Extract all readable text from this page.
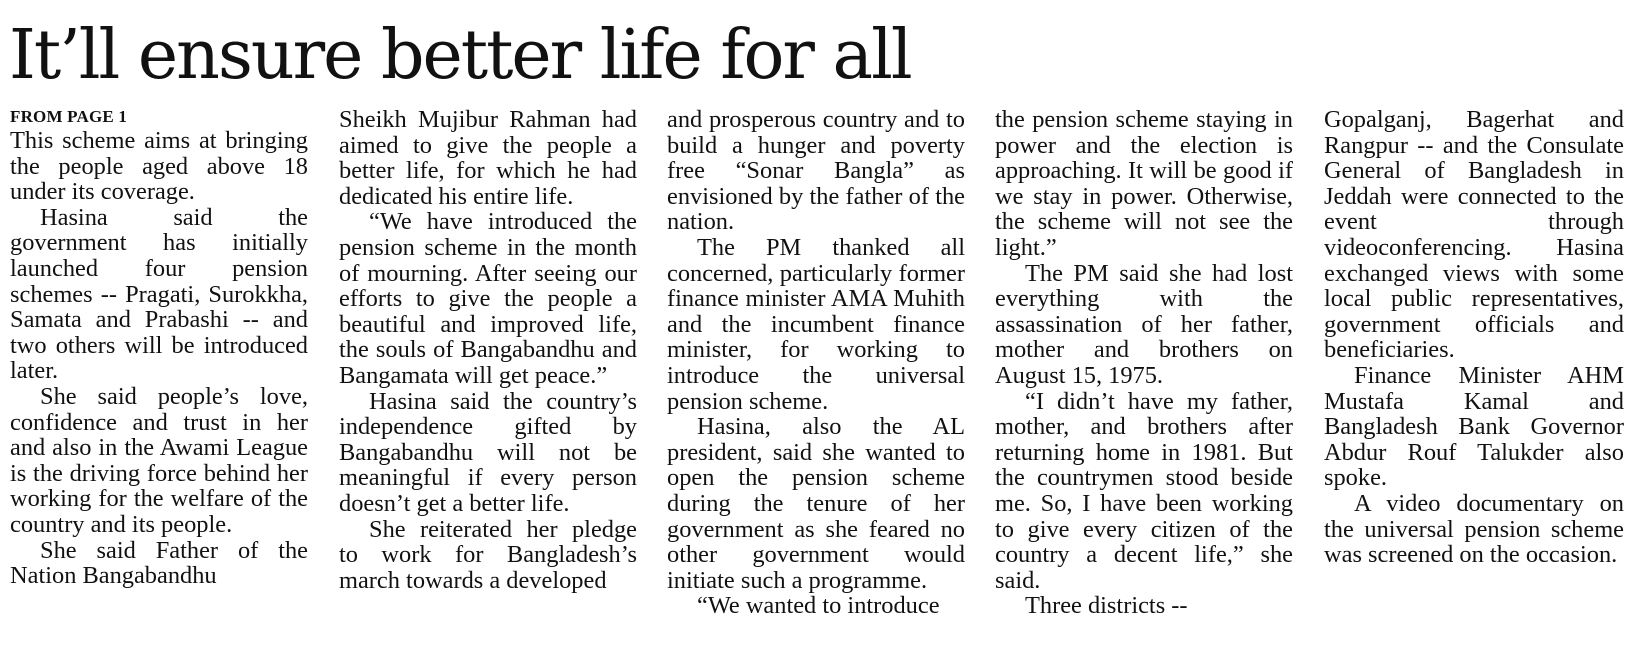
It’ll ensure better life for all
FROM PAGE 1

This scheme aims at bringing the people aged above 18 under its coverage.

Hasina said the government has initially launched four pension schemes -- Pragati, Surokkha, Samata and Prabashi -- and two others will be introduced later.

She said people’s love, confidence and trust in her and also in the Awami League is the driving force behind her working for the welfare of the country and its people.

She said Father of the Nation Bangabandhu

Sheikh Mujibur Rahman had aimed to give the people a better life, for which he had dedicated his entire life.

“We have introduced the pension scheme in the month of mourning. After seeing our efforts to give the people a beautiful and improved life, the souls of Bangabandhu and Bangamata will get peace.”

Hasina said the country’s independence gifted by Bangabandhu will not be meaningful if every person doesn’t get a better life.

She reiterated her pledge to work for Bangladesh’s march towards a developed

and prosperous country and to build a hunger and poverty free “Sonar Bangla” as envisioned by the father of the nation.

The PM thanked all concerned, particularly former finance minister AMA Muhith and the incumbent finance minister, for working to introduce the universal pension scheme.

Hasina, also the AL president, said she wanted to open the pension scheme during the tenure of her government as she feared no other government would initiate such a programme.

“We wanted to introduce

the pension scheme staying in power and the election is approaching. It will be good if we stay in power. Otherwise, the scheme will not see the light.”

The PM said she had lost everything with the assassination of her father, mother and brothers on August 15, 1975.

“I didn’t have my father, mother, and brothers after returning home in 1981. But the countrymen stood beside me. So, I have been working to give every citizen of the country a decent life,” she said.

Three districts --

Gopalganj, Bagerhat and Rangpur -- and the Consulate General of Bangladesh in Jeddah were connected to the event through videoconferencing. Hasina exchanged views with some local public representatives, government officials and beneficiaries.

Finance Minister AHM Mustafa Kamal and Bangladesh Bank Governor Abdur Rouf Talukder also spoke.

A video documentary on the universal pension scheme was screened on the occasion.
